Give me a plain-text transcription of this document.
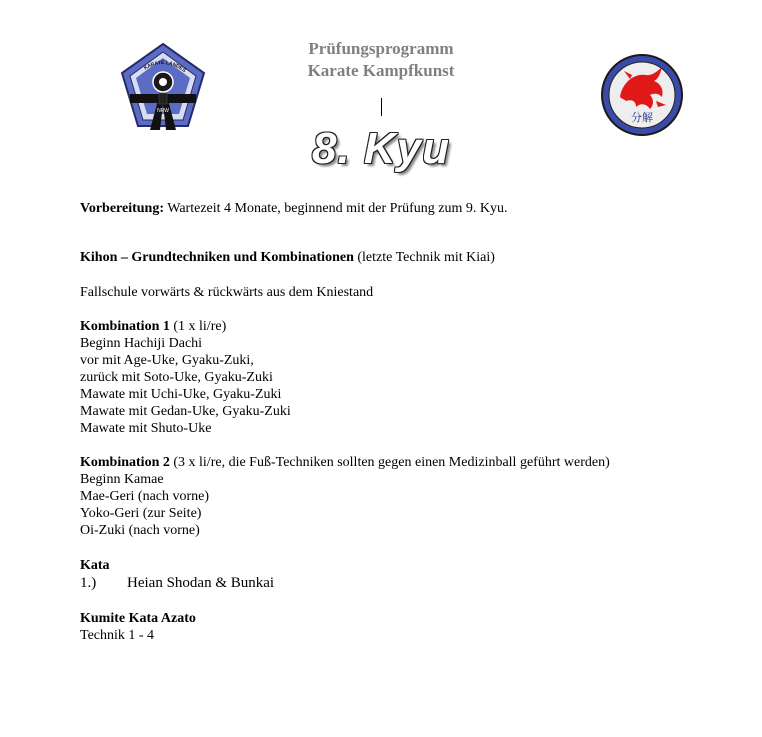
KARATE LANDES
NRW	分解
Prüfungsprogramm
Karate Kampfkunst
8. Kyu
Vorbereitung: Wartezeit 4 Monate, beginnend mit der Prüfung zum 9. Kyu.
Kihon – Grundtechniken und Kombinationen (letzte Technik mit Kiai)
Fallschule vorwärts & rückwärts aus dem Kniestand
Kombination 1 (1 x li/re)
Beginn Hachiji Dachi
vor mit Age-Uke, Gyaku-Zuki,
zurück mit Soto-Uke, Gyaku-Zuki
Mawate mit Uchi-Uke, Gyaku-Zuki
Mawate mit Gedan-Uke, Gyaku-Zuki
Mawate mit Shuto-Uke
Kombination 2 (3 x li/re, die Fuß-Techniken sollten gegen einen Medizinball geführt werden)
Beginn Kamae
Mae-Geri (nach vorne)
Yoko-Geri (zur Seite)
Oi-Zuki (nach vorne)
Kata
1.) Heian Shodan & Bunkai
Kumite Kata Azato
Technik 1 - 4
